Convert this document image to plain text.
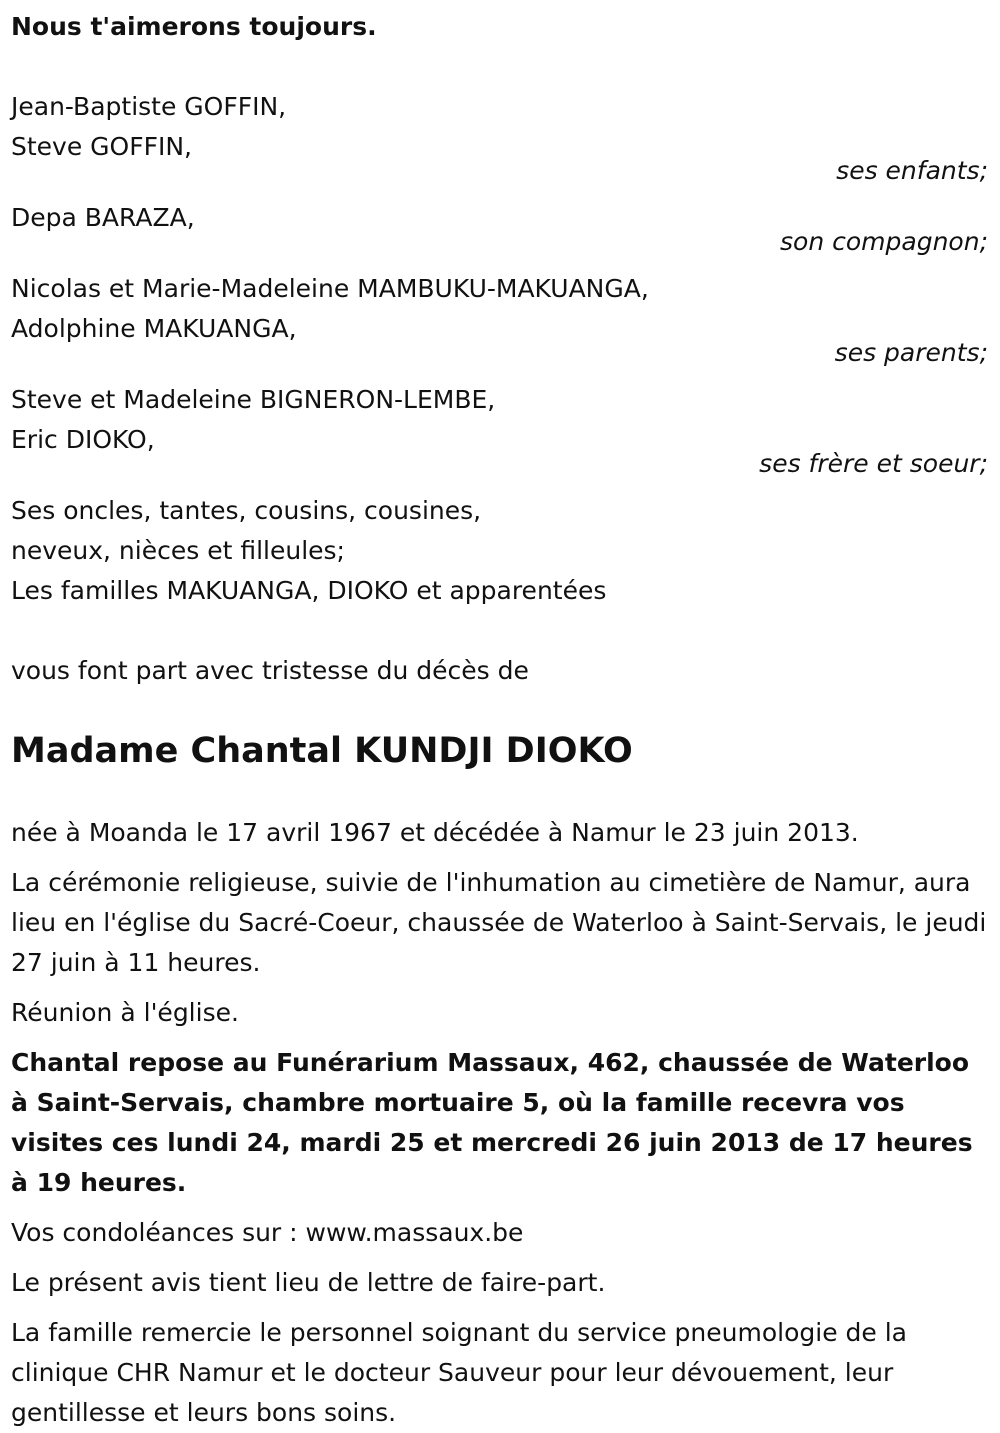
Nous t'aimerons toujours.

Jean-Baptiste GOFFIN,
Steve GOFFIN,
ses enfants;
Depa BARAZA,
son compagnon;
Nicolas et Marie-Madeleine MAMBUKU-MAKUANGA,
Adolphine MAKUANGA,
ses parents;
Steve et Madeleine BIGNERON-LEMBE,
Eric DIOKO,
ses frère et soeur;
Ses oncles, tantes, cousins, cousines,
neveux, nièces et filleules;
Les familles MAKUANGA, DIOKO et apparentées

vous font part avec tristesse du décès de

Madame Chantal KUNDJI DIOKO

née à Moanda le 17 avril 1967 et décédée à Namur le 23 juin 2013.

La cérémonie religieuse, suivie de l'inhumation au cimetière de Namur, aura lieu en l'église du Sacré-Coeur, chaussée de Waterloo à Saint-Servais, le jeudi 27 juin à 11 heures.

Réunion à l'église.

Chantal repose au Funérarium Massaux, 462, chaussée de Waterloo à Saint-Servais, chambre mortuaire 5, où la famille recevra vos visites ces lundi 24, mardi 25 et mercredi 26 juin 2013 de 17 heures à 19 heures.

Vos condoléances sur : www.massaux.be

Le présent avis tient lieu de lettre de faire-part.

La famille remercie le personnel soignant du service pneumologie de la clinique CHR Namur et le docteur Sauveur pour leur dévouement, leur gentillesse et leurs bons soins.
